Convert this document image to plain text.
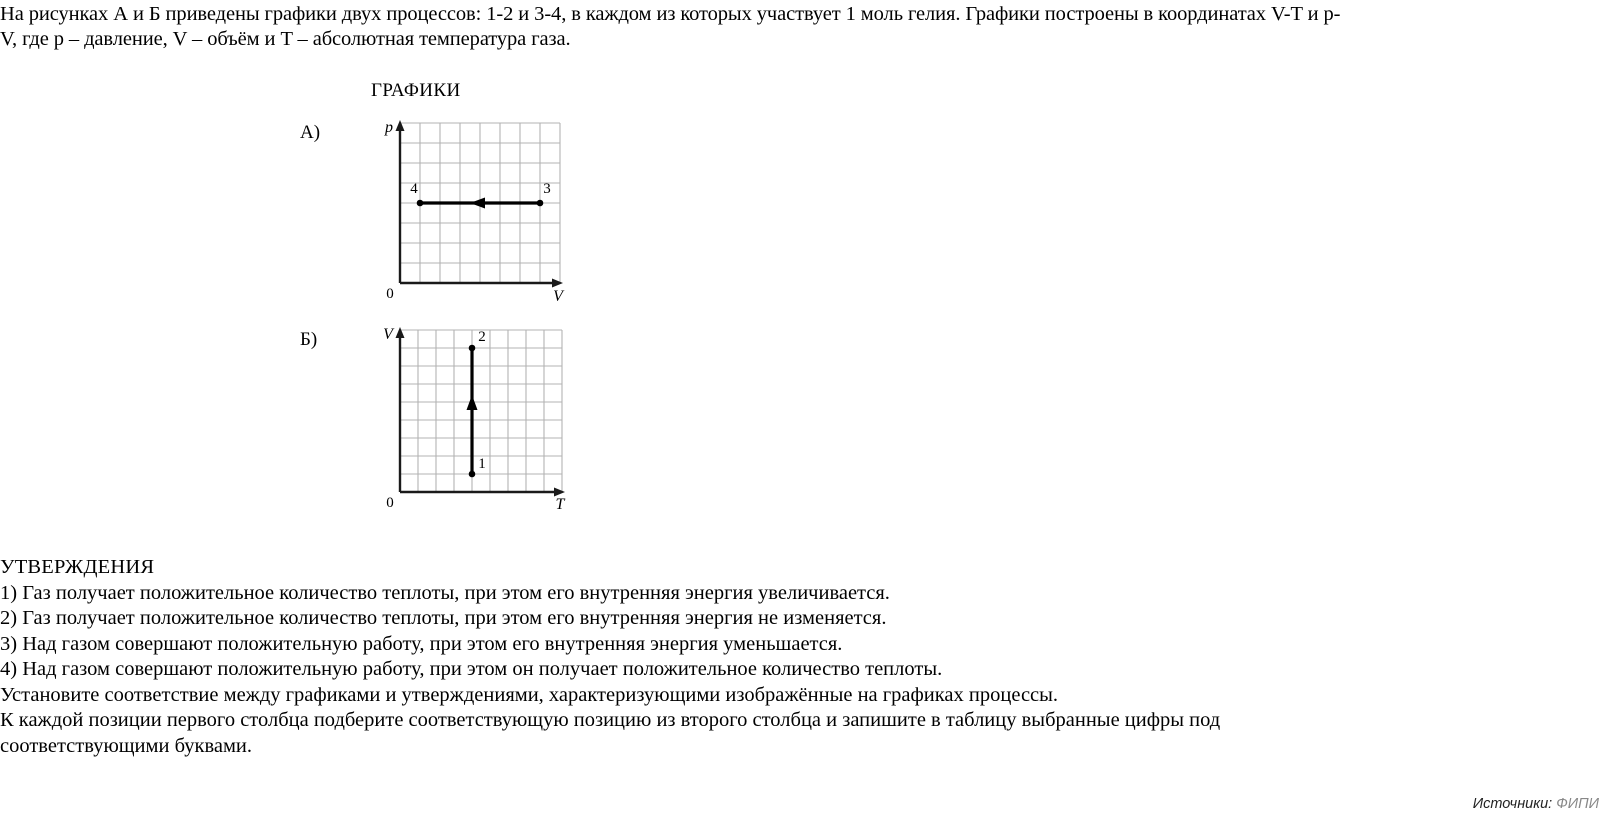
На рисунках А и Б приведены графики двух процессов: 1-2 и 3-4, в каждом из которых участвует 1 моль гелия. Графики построены в координатах V-T и p-
V, где p – давление, V – объём и T – абсолютная температура газа.
ГРАФИКИ
A)
4	3
p
V
0
Б)	2
1
V
T
0
УТВЕРЖДЕНИЯ
1) Газ получает положительное количество теплоты, при этом его внутренняя энергия увеличивается.
2) Газ получает положительное количество теплоты, при этом его внутренняя энергия не изменяется.
3) Над газом совершают положительную работу, при этом его внутренняя энергия уменьшается.
4) Над газом совершают положительную работу, при этом он получает положительное количество теплоты.
Установите соответствие между графиками и утверждениями, характеризующими изображённые на графиках процессы.
К каждой позиции первого столбца подберите соответствующую позицию из второго столбца и запишите в таблицу выбранные цифры под
соответствующими буквами.
Источники: ФИПИ
